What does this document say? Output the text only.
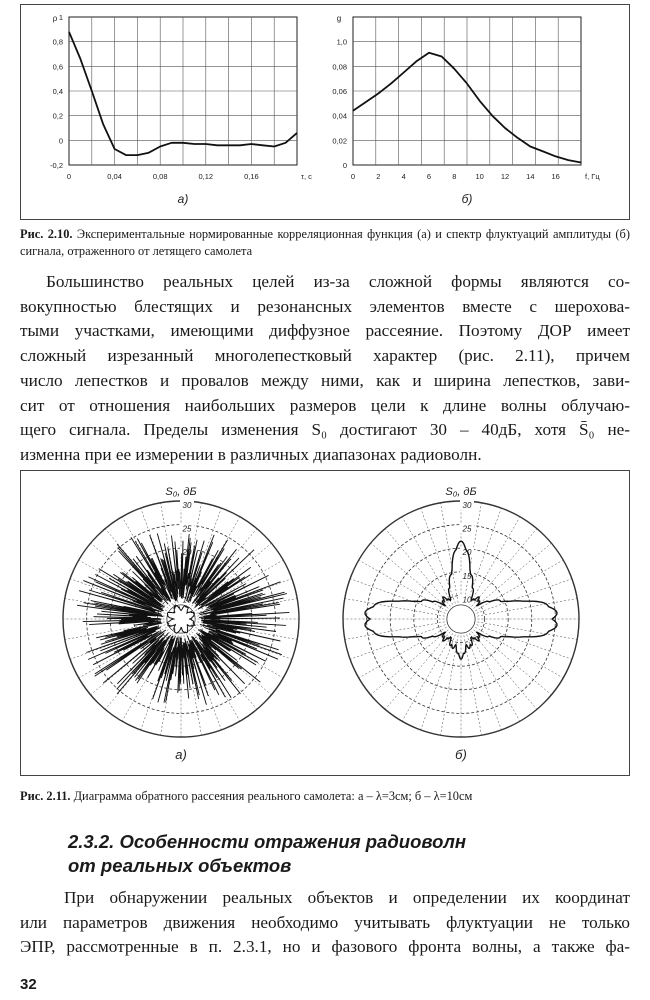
1
0,8
0,6
0,4
0,2
0
-0,2
0	0,04	0,08	0,12	0,16
ρ
τ, с
а)
1,0
0,08
0,06
0,04
0,02
0
0	2	4	6	8	10 12 14 16
g
f, Гц
б)
Рис. 2.10. Экспериментальные нормированные корреляционная функция (а) и спектр флуктуаций амплитуды (б) сигнала, отраженного от летящего самолета
Большинство реальных целей из-за сложной формы являются со-
вокупностью блестящих и резонансных элементов вместе с шерохова-
тыми участками, имеющими диффузное рассеяние. Поэтому ДОР имеет
сложный изрезанный многолепестковый характер (рис. 2.11), причем
число лепестков и провалов между ними, как и ширина лепестков, зави-
сит от отношения наибольших размеров цели к длине волны облучаю-
щего сигнала. Пределы изменения S₀ достигают 30 – 40дБ, хотя S̄₀ не-
изменна при ее измерении в различных диапазонах радиоволн.
30
25
20
15
10
S₀, дБ
а)
30
25
20
15
10
S₀, дБ
б)
Рис. 2.11. Диаграмма обратного рассеяния реального самолета: а – λ=3см; б – λ=10см
2.3.2. Особенности отражения радиоволн
от реальных объектов
При обнаружении реальных объектов и определении их координат
или параметров движения необходимо учитывать флуктуации не только
ЭПР, рассмотренные в п. 2.3.1, но и фазового фронта волны, а также фа-
32
